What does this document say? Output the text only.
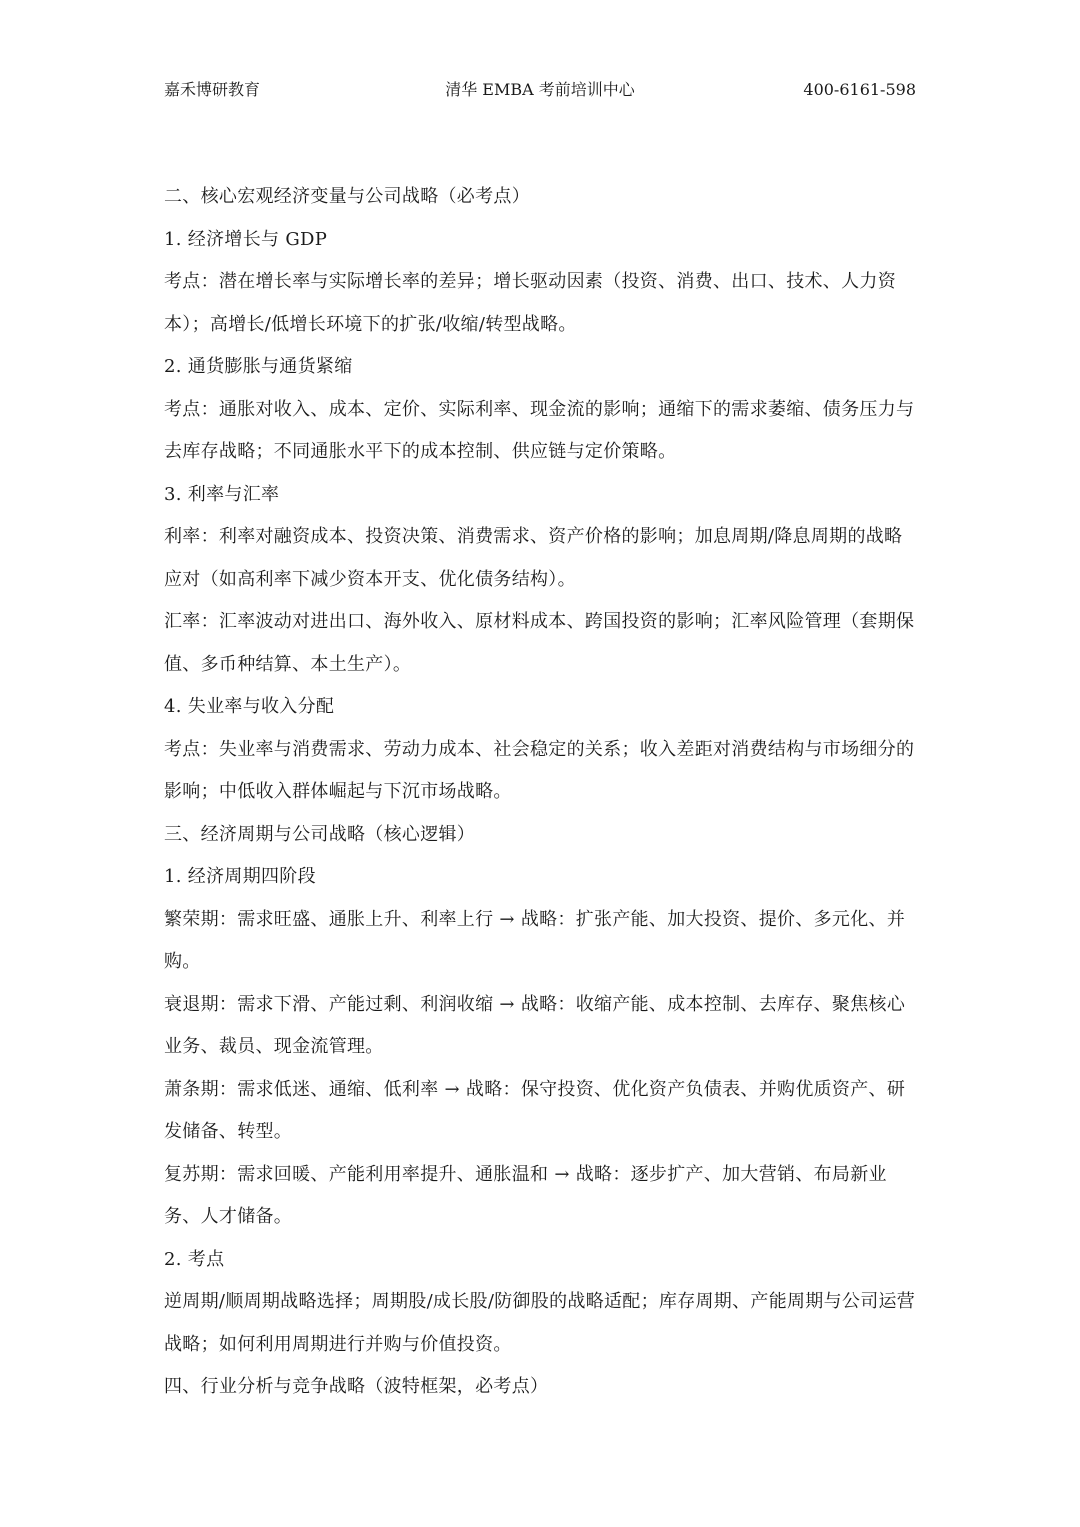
嘉禾博研教育	清华 EMBA 考前培训中心	400-6161-598

二、核心宏观经济变量与公司战略（必考点）

1. 经济增长与 GDP

考点：潜在增长率与实际增长率的差异；增长驱动因素（投资、消费、出口、技术、人力资本）；高增长/低增长环境下的扩张/收缩/转型战略。

2. 通货膨胀与通货紧缩

考点：通胀对收入、成本、定价、实际利率、现金流的影响；通缩下的需求萎缩、债务压力与去库存战略；不同通胀水平下的成本控制、供应链与定价策略。

3. 利率与汇率

利率：利率对融资成本、投资决策、消费需求、资产价格的影响；加息周期/降息周期的战略应对（如高利率下减少资本开支、优化债务结构）。

汇率：汇率波动对进出口、海外收入、原材料成本、跨国投资的影响；汇率风险管理（套期保值、多币种结算、本土生产）。

4. 失业率与收入分配

考点：失业率与消费需求、劳动力成本、社会稳定的关系；收入差距对消费结构与市场细分的影响；中低收入群体崛起与下沉市场战略。

三、经济周期与公司战略（核心逻辑）

1. 经济周期四阶段

繁荣期：需求旺盛、通胀上升、利率上行 → 战略：扩张产能、加大投资、提价、多元化、并购。

衰退期：需求下滑、产能过剩、利润收缩 → 战略：收缩产能、成本控制、去库存、聚焦核心业务、裁员、现金流管理。

萧条期：需求低迷、通缩、低利率 → 战略：保守投资、优化资产负债表、并购优质资产、研发储备、转型。

复苏期：需求回暖、产能利用率提升、通胀温和 → 战略：逐步扩产、加大营销、布局新业务、人才储备。

2. 考点

逆周期/顺周期战略选择；周期股/成长股/防御股的战略适配；库存周期、产能周期与公司运营战略；如何利用周期进行并购与价值投资。

四、行业分析与竞争战略（波特框架，必考点）
